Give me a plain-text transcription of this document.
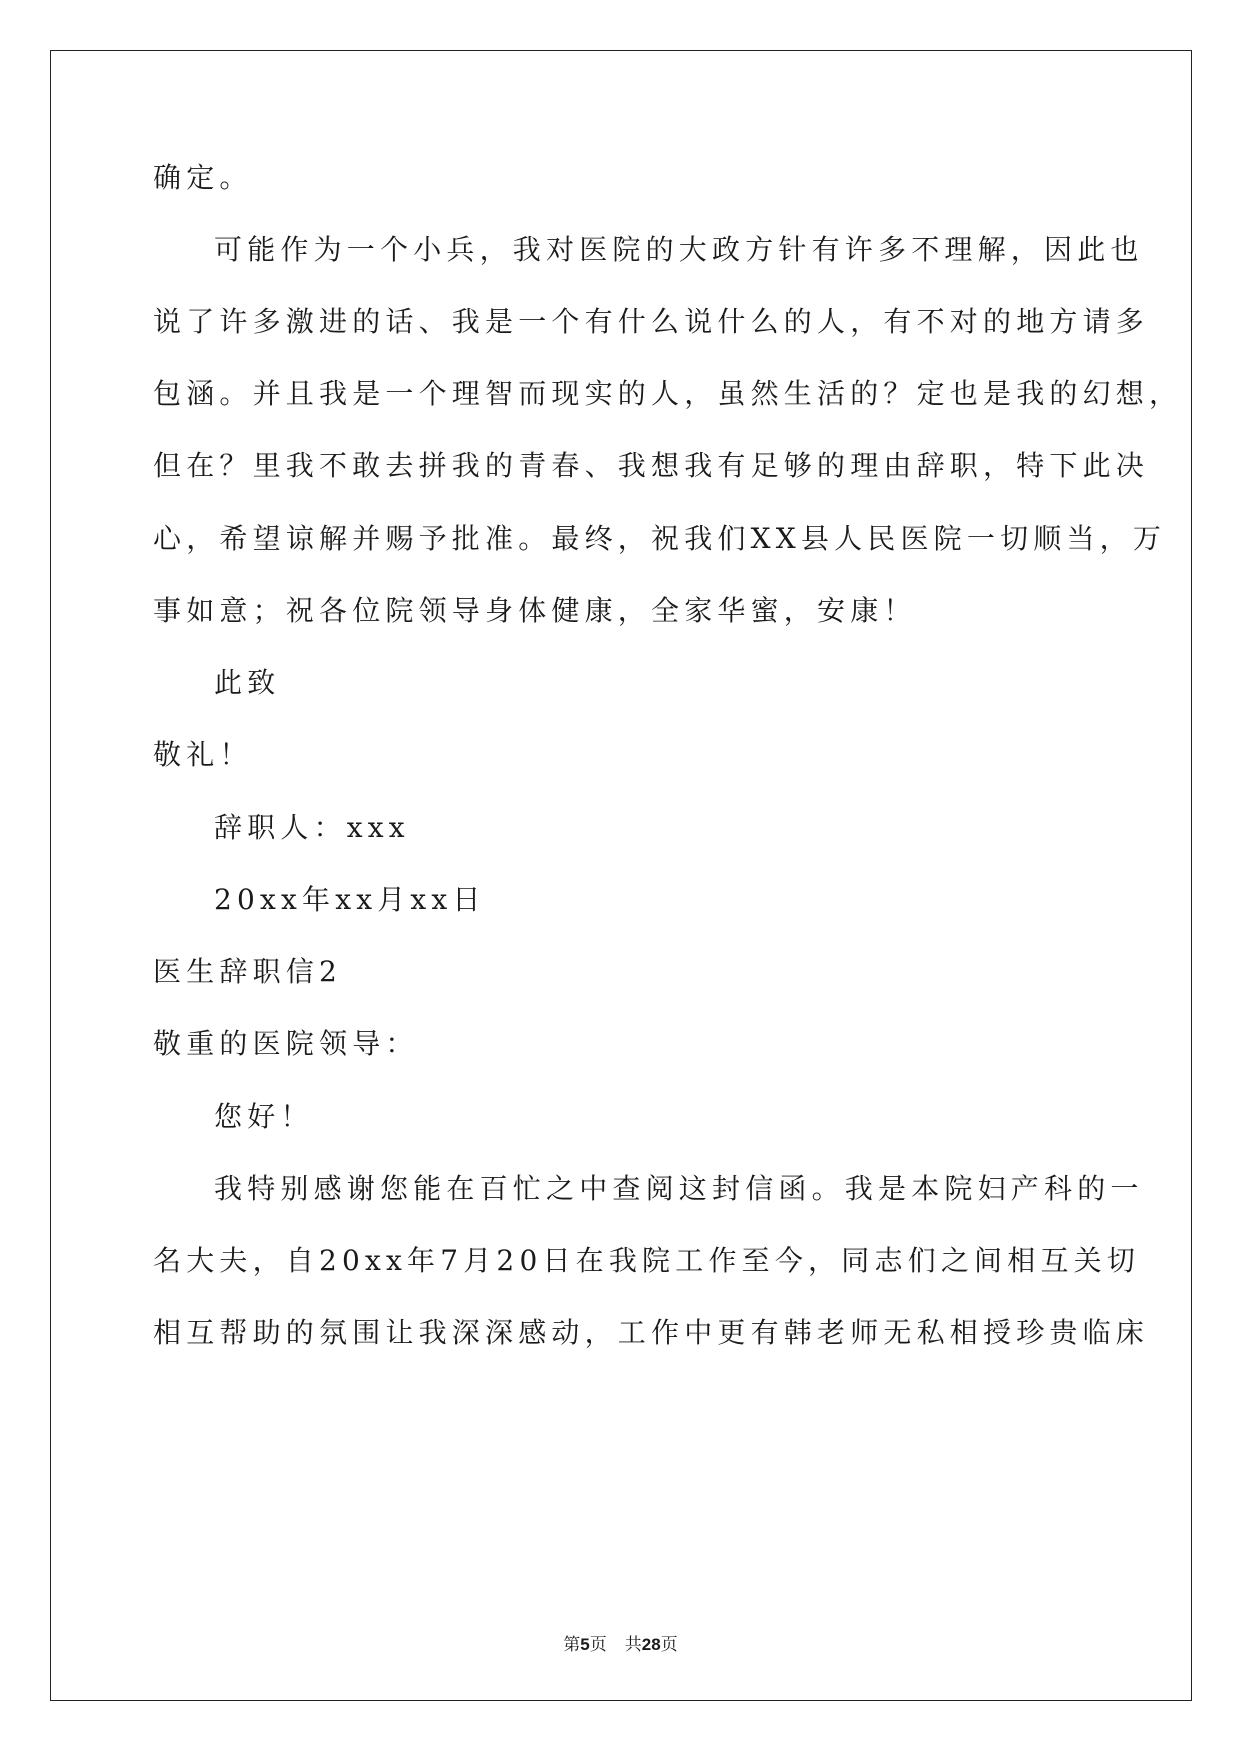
确定。
可能作为一个小兵，我对医院的大政方针有许多不理解，因此也
说了许多激进的话、我是一个有什么说什么的人，有不对的地方请多
包涵。并且我是一个理智而现实的人，虽然生活的？定也是我的幻想，
但在？里我不敢去拼我的青春、我想我有足够的理由辞职，特下此决
心，希望谅解并赐予批准。最终，祝我们XX县人民医院一切顺当，万
事如意；祝各位院领导身体健康，全家华蜜，安康！
此致
敬礼！
辞职人：xxx
20xx年xx月xx日
医生辞职信2
敬重的医院领导：
您好！
我特别感谢您能在百忙之中查阅这封信函。我是本院妇产科的一
名大夫，自20xx年7月20日在我院工作至今，同志们之间相互关切
相互帮助的氛围让我深深感动，工作中更有韩老师无私相授珍贵临床
第5页 共28页
